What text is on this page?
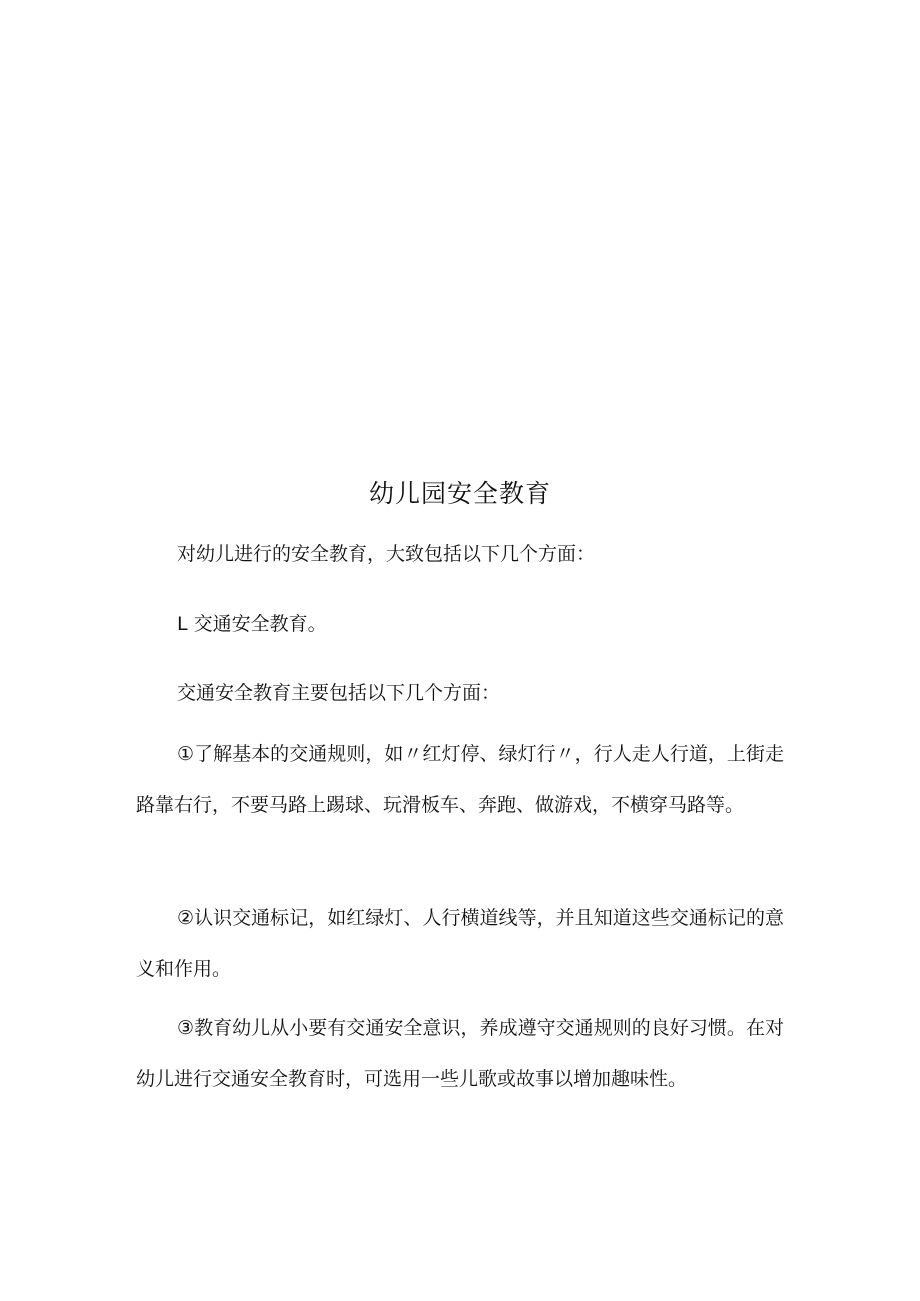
幼儿园安全教育

对幼儿进行的安全教育，大致包括以下几个方面：

L 交通安全教育。

交通安全教育主要包括以下几个方面：

①了解基本的交通规则，如〃红灯停、绿灯行〃，行人走人行道，上街走路靠右行，不要马路上踢球、玩滑板车、奔跑、做游戏，不横穿马路等。

②认识交通标记，如红绿灯、人行横道线等，并且知道这些交通标记的意义和作用。

③教育幼儿从小要有交通安全意识，养成遵守交通规则的良好习惯。在对幼儿进行交通安全教育时，可选用一些儿歌或故事以增加趣味性。
